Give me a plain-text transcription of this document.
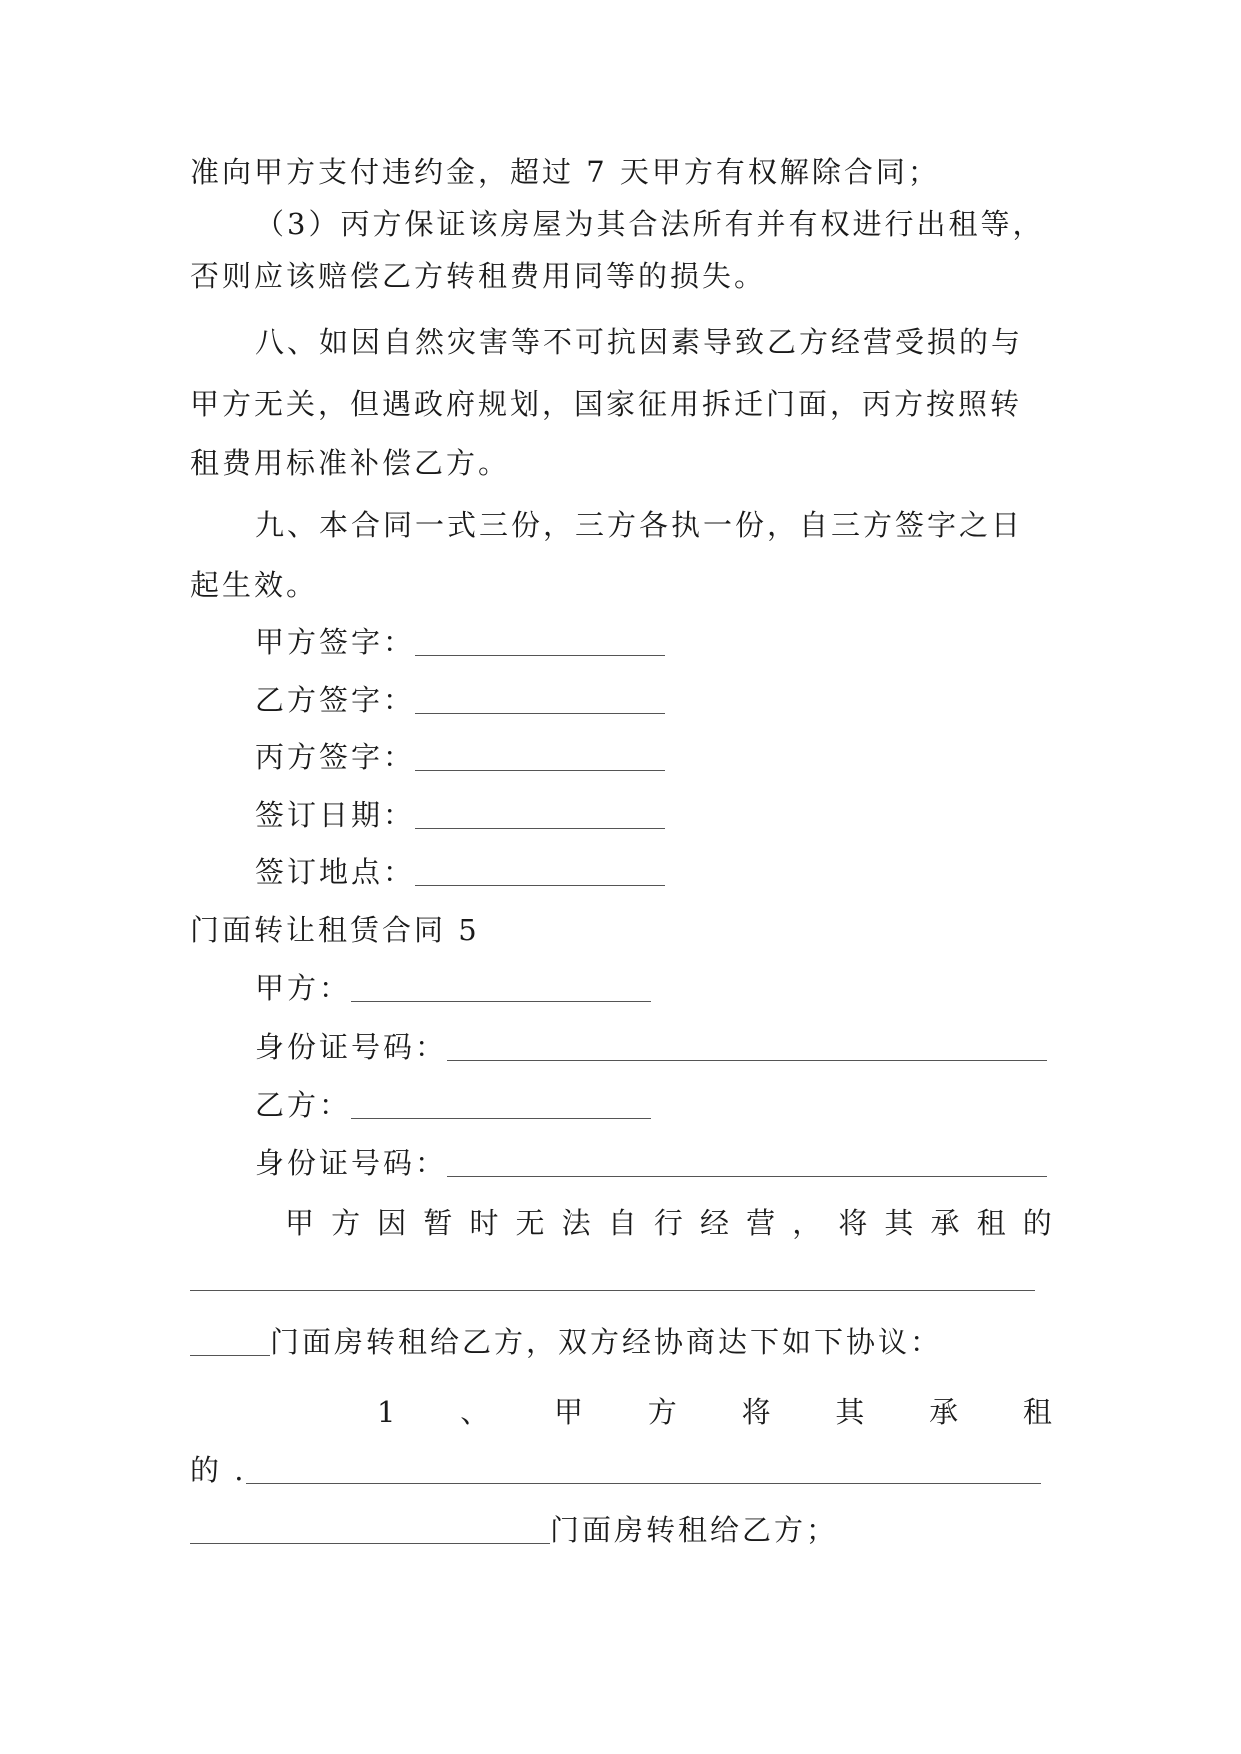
准向甲方支付违约金，超过 7 天甲方有权解除合同；
（3）丙方保证该房屋为其合法所有并有权进行出租等，
否则应该赔偿乙方转租费用同等的损失。
八、如因自然灾害等不可抗因素导致乙方经营受损的与
甲方无关，但遇政府规划，国家征用拆迁门面，丙方按照转
租费用标准补偿乙方。
九、本合同一式三份，三方各执一份，自三方签字之日
起生效。
甲方签字：
乙方签字：
丙方签字：
签订日期：
签订地点：
门面转让租赁合同 5
甲方：
身份证号码：
乙方：
身份证号码：
甲 方 因 暂 时 无 法 自 行 经 营 ， 将 其 承 租 的
门面房转租给乙方，双方经协商达下如下协议：
1 、 甲 方 将 其 承 租
的 .
门面房转租给乙方；
